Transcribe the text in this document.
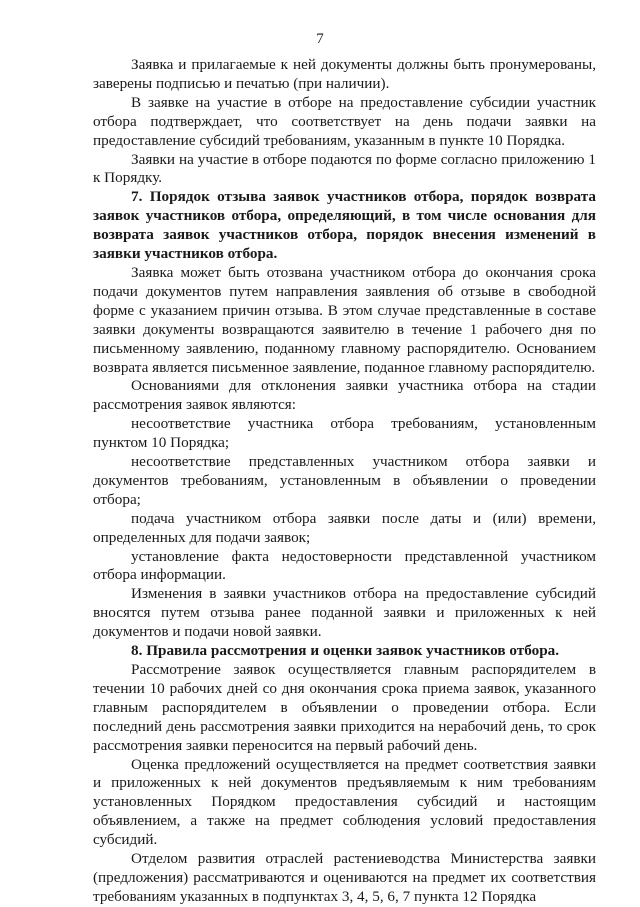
7

Заявка и прилагаемые к ней документы должны быть пронумерованы, заверены подписью и печатью (при наличии).

В заявке на участие в отборе на предоставление субсидии участник отбора подтверждает, что соответствует на день подачи заявки на предоставление субсидий требованиям, указанным в пункте 10 Порядка.

Заявки на участие в отборе подаются по форме согласно приложению 1 к Порядку.

7. Порядок отзыва заявок участников отбора, порядок возврата заявок участников отбора, определяющий, в том числе основания для возврата заявок участников отбора, порядок внесения изменений в заявки участников отбора.

Заявка может быть отозвана участником отбора до окончания срока подачи документов путем направления заявления об отзыве в свободной форме с указанием причин отзыва. В этом случае представленные в составе заявки документы возвращаются заявителю в течение 1 рабочего дня по письменному заявлению, поданному главному распорядителю. Основанием возврата является письменное заявление, поданное главному распорядителю.

Основаниями для отклонения заявки участника отбора на стадии рассмотрения заявок являются:

несоответствие участника отбора требованиям, установленным пунктом 10 Порядка;

несоответствие представленных участником отбора заявки и документов требованиям, установленным в объявлении о проведении отбора;

подача участником отбора заявки после даты и (или) времени, определенных для подачи заявок;

установление факта недостоверности представленной участником отбора информации.

Изменения в заявки участников отбора на предоставление субсидий вносятся путем отзыва ранее поданной заявки и приложенных к ней документов и подачи новой заявки.

8. Правила рассмотрения и оценки заявок участников отбора.

Рассмотрение заявок осуществляется главным распорядителем в течении 10 рабочих дней со дня окончания срока приема заявок, указанного главным распорядителем в объявлении о проведении отбора. Если последний день рассмотрения заявки приходится на нерабочий день, то срок рассмотрения заявки переносится на первый рабочий день.

Оценка предложений осуществляется на предмет соответствия заявки и приложенных к ней документов предъявляемым к ним требованиям установленных Порядком предоставления субсидий и настоящим объявлением, а также на предмет соблюдения условий предоставления субсидий.

Отделом развития отраслей растениеводства Министерства заявки (предложения) рассматриваются и оцениваются на предмет их соответствия требованиям указанных в подпунктах 3, 4, 5, 6, 7 пункта 12 Порядка
